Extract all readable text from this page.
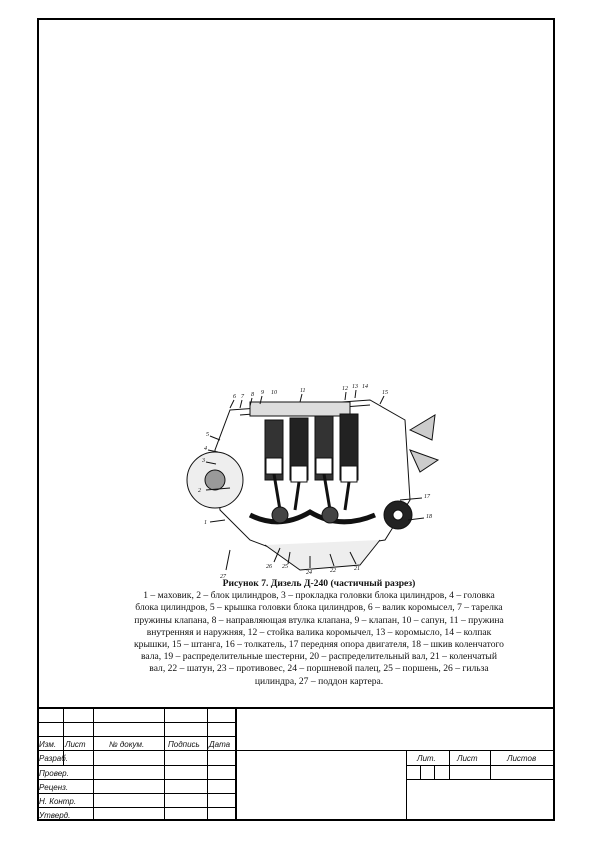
6 7 8 9 10	11	12 13 14
15
5
4
3
2
1
17
18
26 25
24	22	21
27
Рисунок 7. Дизель Д-240 (частичный разрез)
1 – маховик, 2 – блок цилиндров, 3 – прокладка головки блока цилиндров, 4 – головка блока цилиндров, 5 – крышка головки блока цилиндров, 6 – валик коромысел, 7 – тарелка пружины клапана, 8 – направляющая втулка клапана, 9 – клапан, 10 – сапун, 11 – пружина внутренняя и наружняя, 12 – стойка валика коромычел, 13 – коромысло, 14 – колпак крышки, 15 – штанга, 16 – толкатель, 17 передняя опора двигателя, 18 – шкив коленчатого вала, 19 – распределительные шестерни, 20 – распределительный вал, 21 – коленчатый вал, 22 – шатун, 23 – противовес, 24 – поршневой палец, 25 – поршень, 26 – гильза цилиндра, 27 – поддон картера.
Изм. Лист	№ докум.	Подпись Дата
Разраб.
Провер.
Реценз.
Н. Контр.
Утверд.
Лит.	Лист	Листов
